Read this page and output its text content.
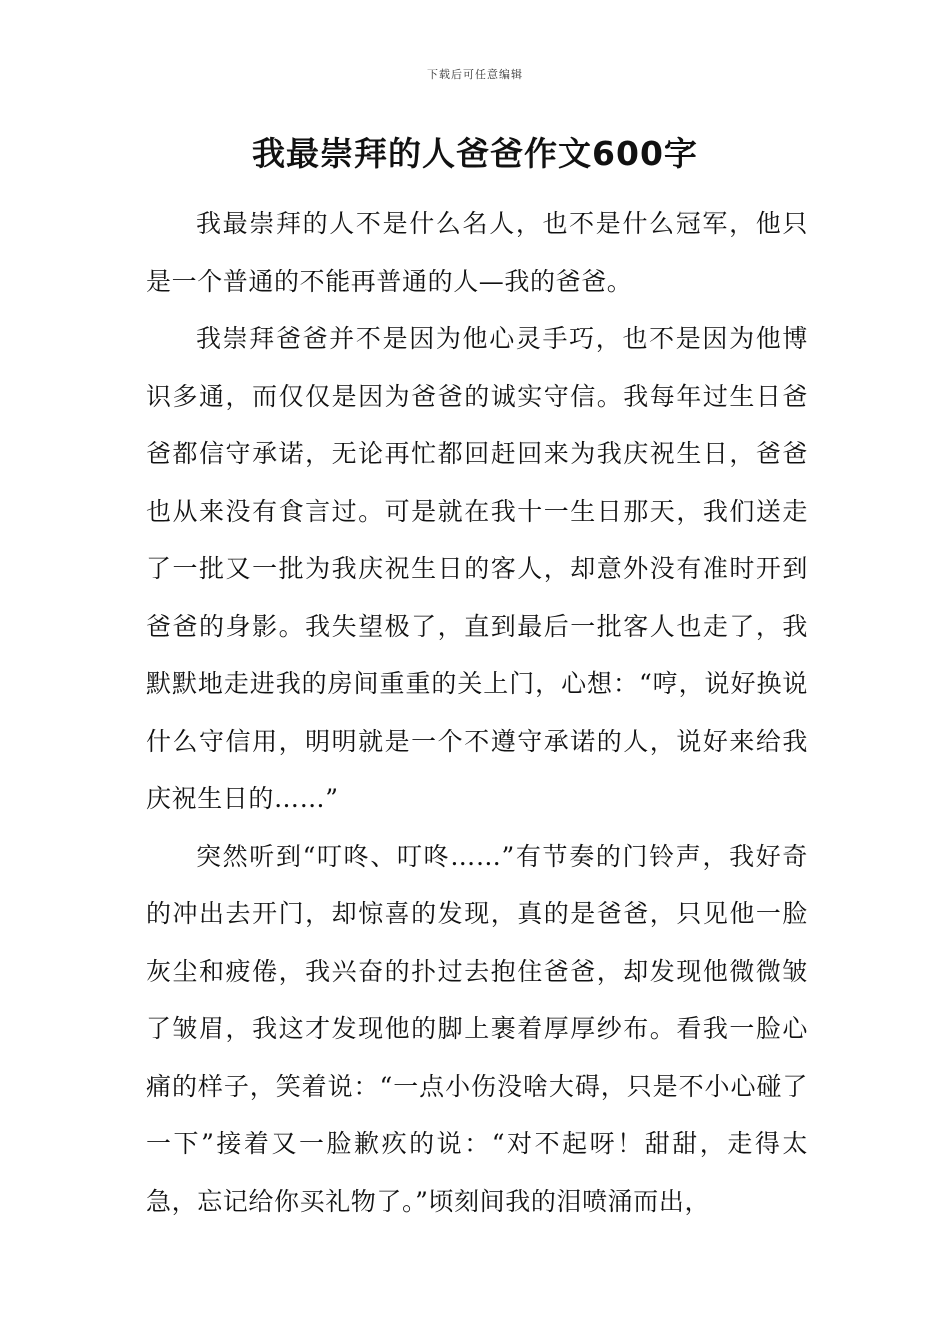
下载后可任意编辑
我最崇拜的人爸爸作文600字

我最崇拜的人不是什么名人，也不是什么冠军，他只是一个普通的不能再普通的人—我的爸爸。

我崇拜爸爸并不是因为他心灵手巧，也不是因为他博识多通，而仅仅是因为爸爸的诚实守信。我每年过生日爸爸都信守承诺，无论再忙都回赶回来为我庆祝生日，爸爸也从来没有食言过。可是就在我十一生日那天，我们送走了一批又一批为我庆祝生日的客人，却意外没有准时开到爸爸的身影。我失望极了，直到最后一批客人也走了，我默默地走进我的房间重重的关上门，心想：“哼，说好换说什么守信用，明明就是一个不遵守承诺的人，说好来给我庆祝生日的……”

突然听到“叮咚、叮咚……”有节奏的门铃声，我好奇的冲出去开门，却惊喜的发现，真的是爸爸，只见他一脸灰尘和疲倦，我兴奋的扑过去抱住爸爸，却发现他微微皱了皱眉，我这才发现他的脚上裹着厚厚纱布。看我一脸心痛的样子，笑着说：“一点小伤没啥大碍，只是不小心碰了一下”接着又一脸歉疚的说：“对不起呀！甜甜，走得太急，忘记给你买礼物了。”顷刻间我的泪喷涌而出，
